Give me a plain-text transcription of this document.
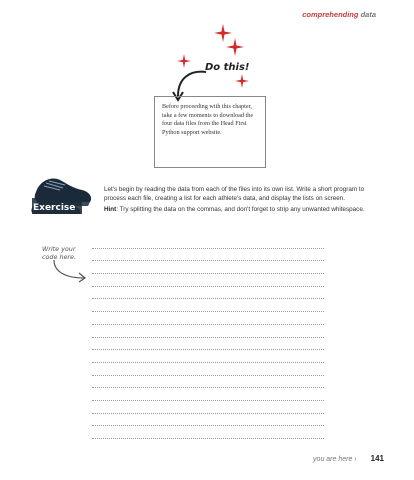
comprehending data
Do this!
Before proceeding with this chapter, take a few moments to download the four data files from the Head First Python support website.
Exercise
Let's begin by reading the data from each of the files into its own list. Write a short program to process each file, creating a list for each athlete's data, and display the lists on screen.
Hint: Try splitting the data on the commas, and don't forget to strip any unwanted whitespace.
Write your code here.
you are here › 141
